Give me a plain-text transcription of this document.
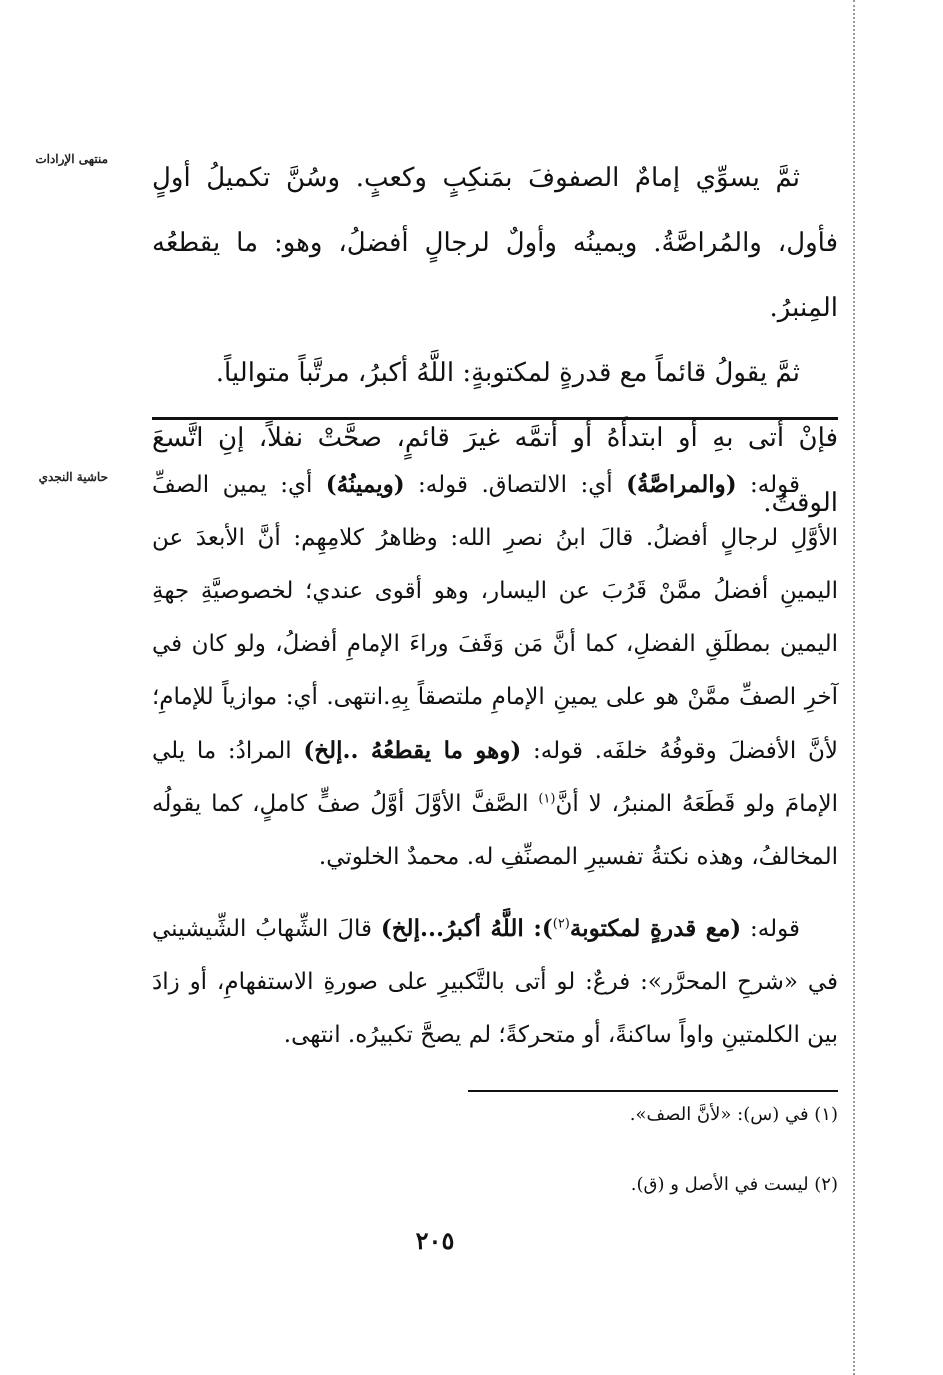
منتهى الإرادات
حاشية النجدي

ثمَّ يسوِّي إمامٌ الصفوفَ بمَنكِبٍ وكعبٍ. وسُنَّ تكميلُ أولٍ فأول، والمُراصَّةُ. ويمينُه وأولٌ لرجالٍ أفضلُ، وهو: ما يقطعُه المِنبرُ.

ثمَّ يقولُ قائماً مع قدرةٍ لمكتوبةٍ: اللَّهُ أكبرُ، مرتَّباً متوالياً.

فإنْ أتى بهِ أو ابتدأَهُ أو أتمَّه غيرَ قائمٍ، صحَّتْ نفلاً، إنِ اتَّسعَ الوقتُ.

قوله: (والمراصَّةُ) أي: الالتصاق. قوله: (ويمينُهُ) أي: يمين الصفِّ الأوَّلِ لرجالٍ أفضلُ. قالَ ابنُ نصرِ الله: وظاهرُ كلامِهِم: أنَّ الأبعدَ عن اليمينِ أفضلُ ممَّنْ قَرُبَ عن اليسار، وهو أقوى عندي؛ لخصوصيَّةِ جهةِ اليمين بمطلَقِ الفضلِ، كما أنَّ مَن وَقَفَ وراءَ الإمامِ أفضلُ، ولو كان في آخرِ الصفِّ ممَّنْ هو على يمينِ الإمامِ ملتصقاً بِهِ.انتهى. أي: موازياً للإمامِ؛ لأنَّ الأفضلَ وقوفُهُ خلفَه. قوله: (وهو ما يقطعُهُ ..إلخ) المرادُ: ما يلي الإمامَ ولو قَطَعَهُ المنبرُ، لا أنَّ$^{(١)}$ الصَّفَّ الأوَّلَ أوَّلُ صفٍّ كاملٍ، كما يقولُه المخالفُ، وهذه نكتةُ تفسيرِ المصنِّفِ له. محمدٌ الخلوتي.

قوله: (مع قدرةٍ لمكتوبة$^{(٢)}$): اللَّهُ أكبرُ...إلخ) قالَ الشِّهابُ الشِّيشيني في «شرحِ المحرَّر»: فرعٌ: لو أتى بالتَّكبيرِ على صورةِ الاستفهامِ، أو زادَ بين الكلمتينِ واواً ساكنةً، أو متحركةً؛ لم يصحَّ تكبيرُه. انتهى.

(١) في (س): «لأنَّ الصف».
(٢) ليست في الأصل و (ق).
٢٠٥
